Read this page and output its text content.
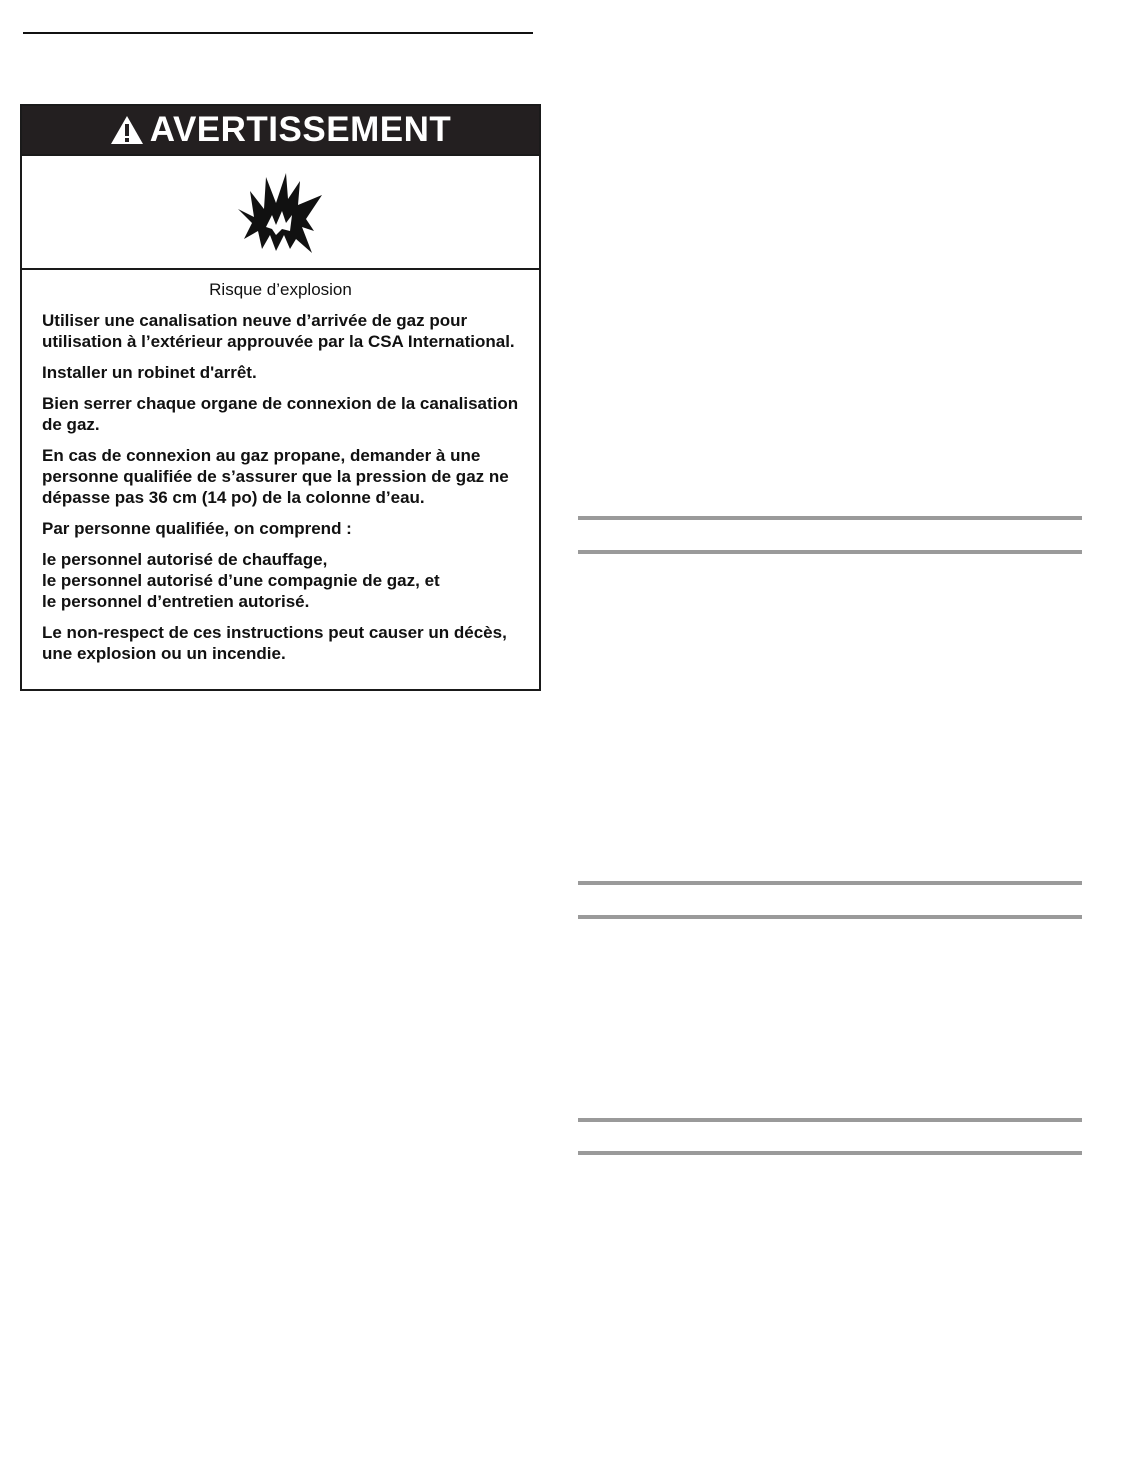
AVERTISSEMENT

Risque d’explosion

Utiliser une canalisation neuve d’arrivée de gaz pour utilisation à l’extérieur approuvée par la CSA International.

Installer un robinet d'arrêt.

Bien serrer chaque organe de connexion de la canalisation de gaz.

En cas de connexion au gaz propane, demander à une personne qualifiée de s’assurer que la pression de gaz ne dépasse pas 36 cm (14 po) de la colonne d’eau.

Par personne qualifiée, on comprend :

le personnel autorisé de chauffage,

le personnel autorisé d’une compagnie de gaz, et

le personnel d’entretien autorisé.

Le non-respect de ces instructions peut causer un décès, une explosion ou un incendie.
